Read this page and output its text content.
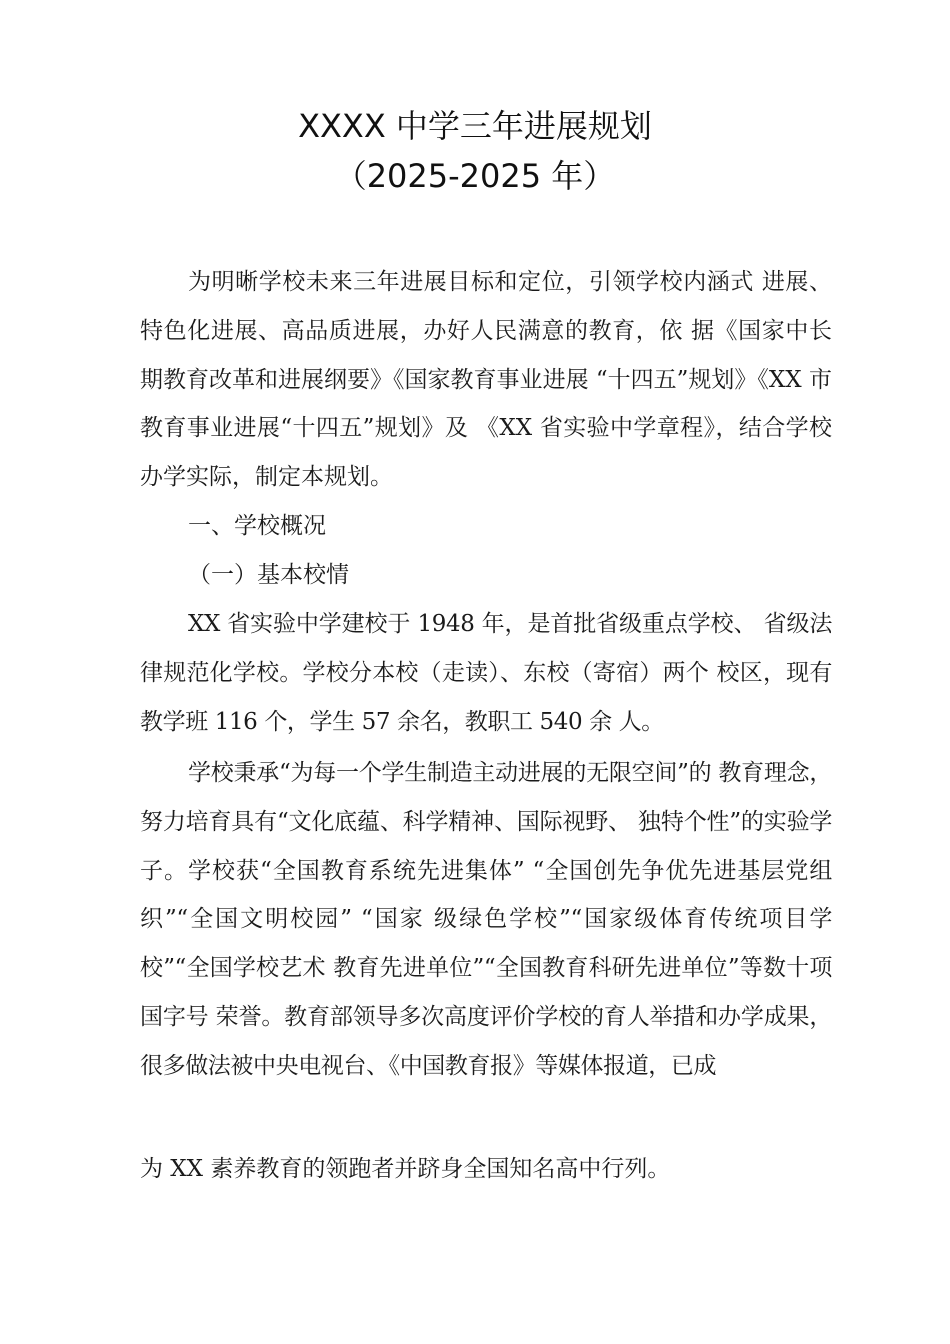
XXXX 中学三年进展规划
（2025-2025 年）

为明晰学校未来三年进展目标和定位，引领学校内涵式 进展、特色化进展、高品质进展，办好人民满意的教育，依 据《国家中长期教育改革和进展纲要》《国家教育事业进展 “十四五”规划》《XX 市教育事业进展“十四五”规划》及 《XX 省实验中学章程》，结合学校办学实际，制定本规划。

一、学校概况
（一）基本校情

XX 省实验中学建校于 1948 年，是首批省级重点学校、 省级法律规范化学校。学校分本校（走读）、东校（寄宿）两个 校区，现有教学班 116 个，学生 57 余名，教职工 540 余 人。

学校秉承“为每一个学生制造主动进展的无限空间”的 教育理念，努力培育具有“文化底蕴、科学精神、国际视野、 独特个性”的实验学子。学校获“全国教育系统先进集体” “全国创先争优先进基层党组织”“全国文明校园” “国家 级绿色学校”“国家级体育传统项目学校”“全国学校艺术 教育先进单位”“全国教育科研先进单位”等数十项国字号 荣誉。教育部领导多次高度评价学校的育人举措和办学成果， 很多做法被中央电视台、《中国教育报》等媒体报道，已成

为 XX 素养教育的领跑者并跻身全国知名高中行列。
